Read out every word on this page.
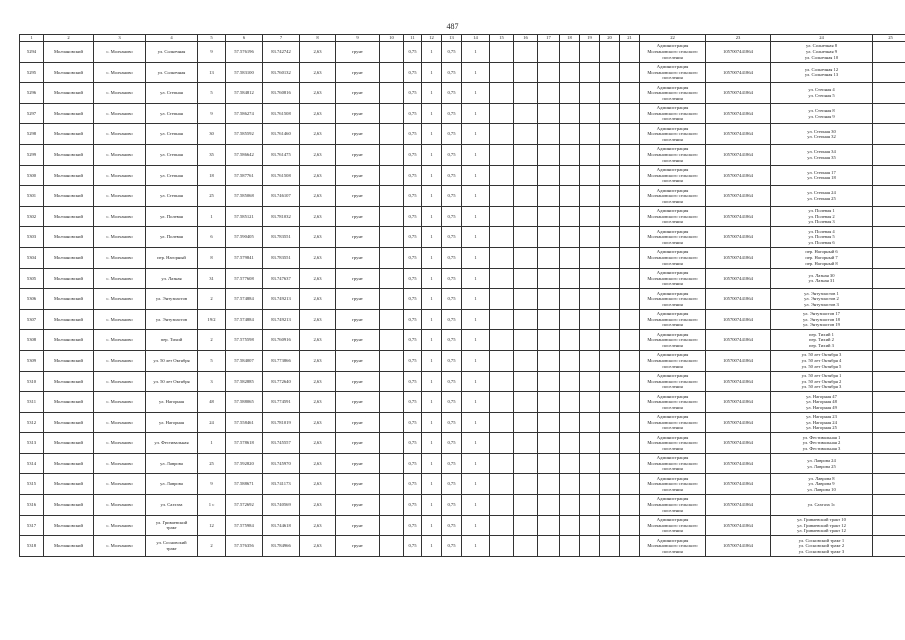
487
1	2	3	4	5	6	7	8	9	10	11	12	13	14	15	16	17	18	19	20	21	22	23	24	25
5294	Молчановский	с. Молчаново	ул. Cолнечная	9	57.576196	83.742742	2,63	грунт		0,75	1	0,75	1								Администрация
Молчановского сельского
поселения	1057007441864	ул. Солнечная 8
ул. Солнечная 9
ул. Солнечная 10	

5295	Молчановский	с. Молчаново	ул. Cолнечная	13	57.583100	83.760132	2,63	грунт		0,75	1	0,75	1								Администрация
Молчановского сельского
поселения	1057007441864	ул. Солнечная 12
ул. Солнечная 13	

5296	Молчановский	с. Молчаново	ул. Степная	5	57.584812	83.760816	2,63	грунт		0,75	1	0,75	1								Администрация
Молчановского сельского
поселения	1057007441864	ул. Степная 4
ул. Степная 5	

5297	Молчановский	с. Молчаново	ул. Степная	9	57.586274	83.761508	2,63	грунт		0,75	1	0,75	1								Администрация
Молчановского сельского
поселения	1057007441864	ул. Степная 8
ул. Степная 9	

5298	Молчановский	с. Молчаново	ул. Степная	30	57.585592	83.761460	2,63	грунт		0,75	1	0,75	1								Администрация
Молчановского сельского
поселения	1057007441864	ул. Степная 30
ул. Степная 32	

5299	Молчановский	с. Молчаново	ул. Степная	35	57.586642	83.761475	2,63	грунт		0,75	1	0,75	1								Администрация
Молчановского сельского
поселения	1057007441864	ул. Степная 34
ул. Степная 35	

5300	Молчановский	с. Молчаново	ул. Степная	18	57.587761	83.761508	2,63	грунт		0,75	1	0,75	1								Администрация
Молчановского сельского
поселения	1057007441864	ул. Степная 17
ул. Степная 18	

5301	Молчановский	с. Молчаново	ул. Степная	25	57.585068	83.746107	2,63	грунт		0,75	1	0,75	1								Администрация
Молчановского сельского
поселения	1057007441864	ул. Степная 24
ул. Степная 25	

5302	Молчановский	с. Молчаново	ул. Полевая	1	57.585121	83.781032	2,63	грунт		0,75	1	0,75	1								Администрация
Молчановского сельского
поселения	1057007441864	ул. Полевая 1
ул. Полевая 2
ул. Полевая 3	

5303	Молчановский	с. Молчаново	ул. Полевая	6	57.590405	83.783551	2,63	грунт		0,75	1	0,75	1								Администрация
Молчановского сельского
поселения	1057007441864	ул. Полевая 4
ул. Полевая 5
ул. Полевая 6	

5304	Молчановский	с. Молчаново	пер. Нагорный	8	57.579841	83.783551	2,63	грунт		0,75	1	0,75	1								Администрация
Молчановского сельского
поселения	1057007441864	пер. Нагорный 6
пер. Нагорный 7
пер. Нагорный 8	

5305	Молчановский	с. Молчаново	ул. Лазная	31	57.577608	83.747637	2,63	грунт		0,75	1	0,75	1								Администрация
Молчановского сельского
поселения	1057007441864	ул. Лазная 30
ул. Лазная 31	

5306	Молчановский	с. Молчаново	ул. Энтузиастов	2	57.574884	83.749213	2,63	грунт		0,75	1	0,75	1								Администрация
Молчановского сельского
поселения	1057007441864	ул. Энтузиастов 1
ул. Энтузиастов 2
ул. Энтузиастов 3	

5307	Молчановский	с. Молчаново	ул. Энтузиастов	19/2	57.574884	83.749213	2,63	грунт		0,75	1	0,75	1								Администрация
Молчановского сельского
поселения	1057007441864	ул. Энтузиастов 17
ул. Энтузиастов 18
ул. Энтузиастов 19	

5308	Молчановский	с. Молчаново	пер. Тихий	2	57.575598	83.760916	2,63	грунт		0,75	1	0,75	1								Администрация
Молчановского сельского
поселения	1057007441864	пер. Тихий 1
пер. Тихий 2
пер. Тихий 3	

5309	Молчановский	с. Молчаново	ул. 50 лет Октября	5	57.584007	83.773866	2,63	грунт		0,75	1	0,75	1								Администрация
Молчановского сельского
поселения	1057007441864	ул. 50 лет Октября 3
ул. 50 лет Октября 4
ул. 50 лет Октября 5	

5310	Молчановский	с. Молчаново	ул. 50 лет Октября	3	57.582885	83.772640	2,63	грунт		0,75	1	0,75	1								Администрация
Молчановского сельского
поселения	1057007441864	ул. 50 лет Октября 1
ул. 50 лет Октября 2
ул. 50 лет Октября 3	

5311	Молчановский	с. Молчаново	ул. Нагорная	48	57.588065	83.774591	2,63	грунт		0,75	1	0,75	1								Администрация
Молчановского сельского
поселения	1057007441864	ул. Нагорная 47
ул. Нагорная 48
ул. Нагорная 49	

5312	Молчановский	с. Молчаново	ул. Нагорная	24	57.558461	83.781019	2,63	грунт		0,75	1	0,75	1								Администрация
Молчановского сельского
поселения	1057007441864	ул. Нагорная 23
ул. Нагорная 24
ул. Нагорная 25	

5313	Молчановский	с. Молчаново	ул. Фестивальная	1	57.578618	83.745557	2,63	грунт		0,75	1	0,75	1								Администрация
Молчановского сельского
поселения	1057007441864	ул. Фестивальная 1
ул. Фестивальная 2
ул. Фестивальная 3	

5314	Молчановский	с. Молчаново	ул. Лаврова	25	57.592820	83.745970	2,63	грунт		0,75	1	0,75	1								Администрация
Молчановского сельского
поселения	1057007441864	ул. Лаврова 24
ул. Лаврова 25	

5315	Молчановский	с. Молчаново	ул. Лаврова	9	57.588671	83.741173	2,63	грунт		0,75	1	0,75	1								Администрация
Молчановского сельского
поселения	1057007441864	ул. Лаврова 8
ул. Лаврова 9
ул. Лаврова 10	

5316	Молчановский	с. Молчаново	ул. Сахтаза	1 с	57.572692	83.740569	2,63	грунт		0,75	1	0,75	1								Администрация
Молчановского сельского
поселения	1057007441864	ул. Сахтаза 1с	

5317	Молчановский	с. Молчаново	ул. Гриваевский
тракт	12	57.575984	83.744618	2,63	грунт		0,75	1	0,75	1								Администрация
Молчановского сельского
поселения	1057007441864	ул. Гриваевский тракт 10
ул. Гриваевский тракт 12
ул. Гриваевский тракт 12	

5318	Молчановский	с. Молчаново	ул. Сосновский
тракт	2	57.576356	83.784966	2,63	грунт		0,75	1	0,75	1								Администрация
Молчановского сельского
поселения	1057007441864	ул. Сосновский тракт 1
ул. Сосновский тракт 2
ул. Сосновский тракт 3	
